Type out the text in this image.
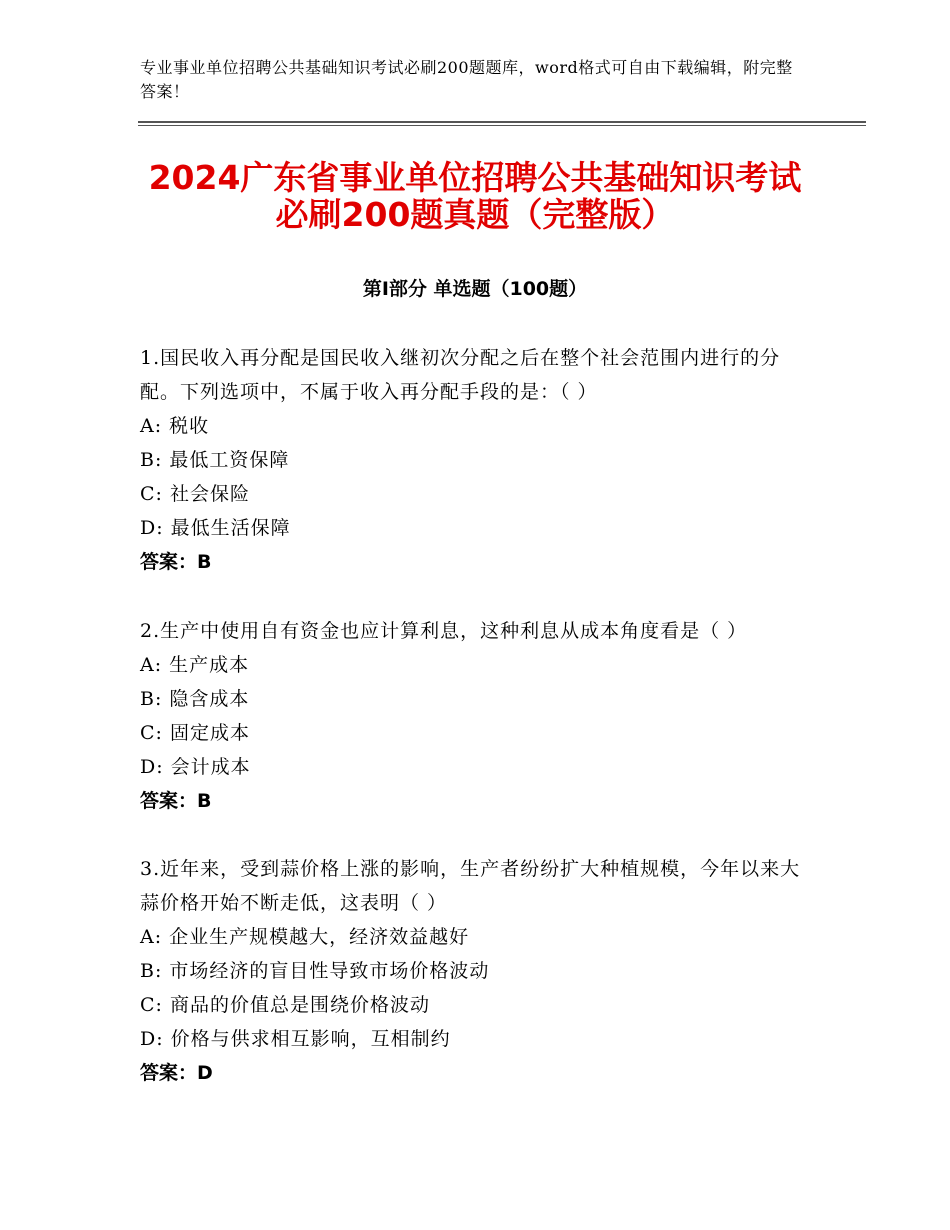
专业事业单位招聘公共基础知识考试必刷200题题库，word格式可自由下载编辑，附完整答案！
2024广东省事业单位招聘公共基础知识考试
必刷200题真题（完整版）
第Ⅰ部分 单选题（100题）

1.国民收入再分配是国民收入继初次分配之后在整个社会范围内进行的分配。下列选项中，不属于收入再分配手段的是：（ ）

A: 税收

B: 最低工资保障

C: 社会保险

D: 最低生活保障

答案：B

2.生产中使用自有资金也应计算利息，这种利息从成本角度看是（ ）

A: 生产成本

B: 隐含成本

C: 固定成本

D: 会计成本

答案：B

3.近年来，受到蒜价格上涨的影响，生产者纷纷扩大种植规模，今年以来大蒜价格开始不断走低，这表明（ ）

A: 企业生产规模越大，经济效益越好

B: 市场经济的盲目性导致市场价格波动

C: 商品的价值总是围绕价格波动

D: 价格与供求相互影响，互相制约

答案：D
